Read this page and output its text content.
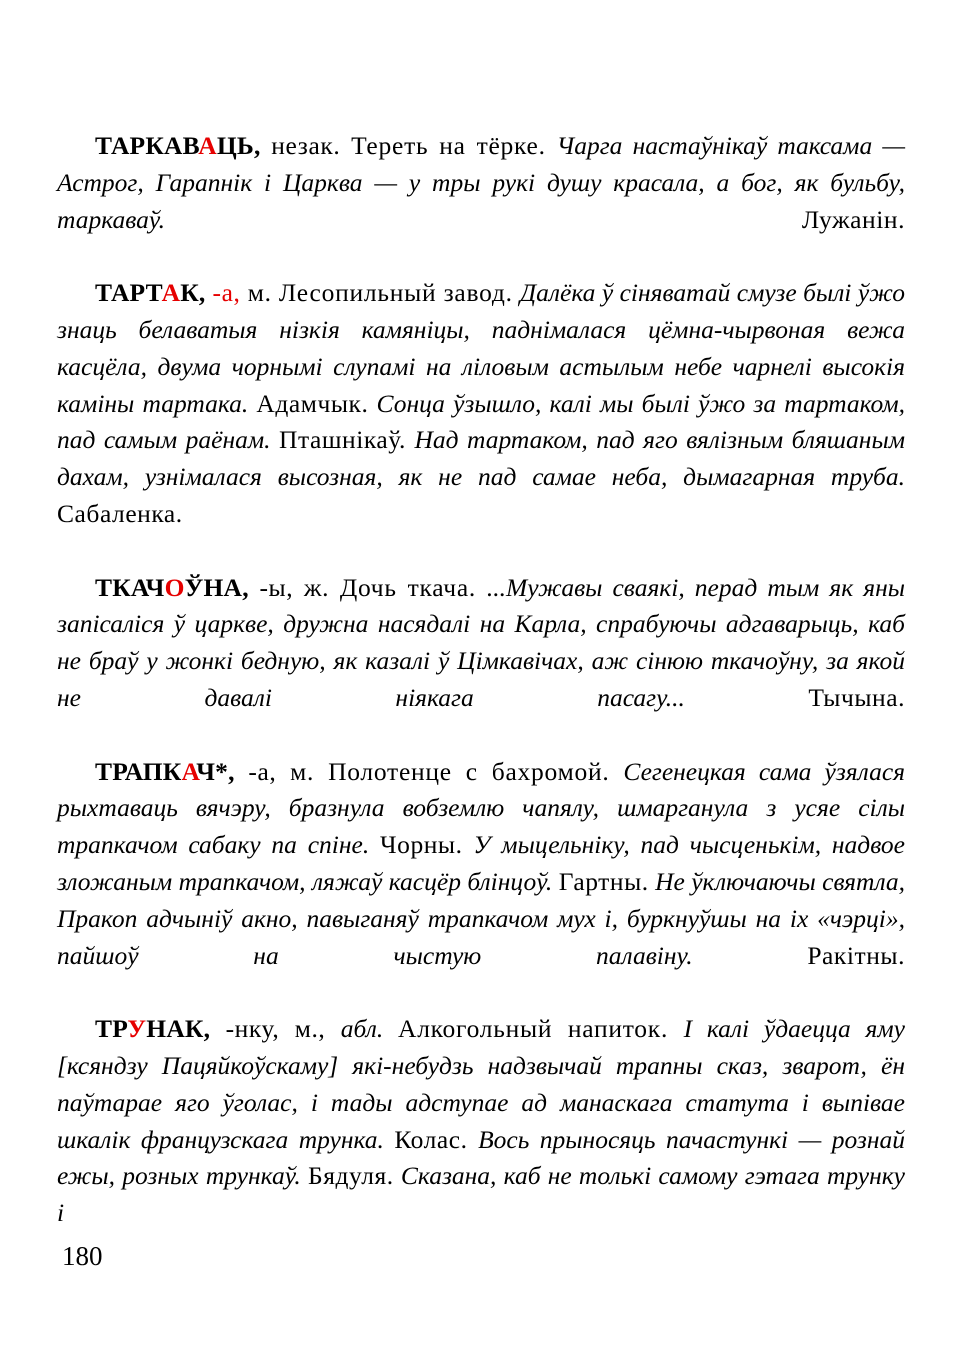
ТАРКАВАЦЬ, незак. Тереть на тёрке. Чарга настаўнікаў таксама — Астрог, Гарапнік і Царква — у тры рукі душу красала, а бог, як бульбу, таркаваў. Лужанін.

ТАРТАК, -а, м. Лесопильный завод. Далёка ў сіняватай смузе былі ўжо знаць белаватыя нізкія камяніцы, паднімалася цёмна-чырвоная вежа касцёла, двума чорнымі слупамі на ліловым астылым небе чарнелі высокія каміны тартака. Адамчык. Сонца ўзышло, калі мы былі ўжо за тартаком, пад самым раёнам. Пташнікаў. Над тартаком, пад яго вялізным бляшаным дахам, узнімалася высозная, як не пад самае неба, дымагарная труба. Сабаленка.

ТКАЧОЎНА, -ы, ж. Дочь ткача. ...Мужавы сваякі, перад тым як яны запісаліся ў царкве, дружна насядалі на Карла, спрабуючы адгаварыць, каб не браў у жонкі бедную, як казалі ў Цімкавічах, аж сінюю ткачоўну, за якой не давалі ніякага пасагу... Тычына.

ТРАПКАЧ*, -а, м. Полотенце с бахромой. Сегенецкая сама ўзялася рыхтаваць вячэру, бразнула вобземлю чапялу, шмарганула з усяе сілы трапкачом сабаку па спіне. Чорны. У мыцельніку, пад чысценькім, надвое зложаным трапкачом, ляжаў касцёр блінцоў. Гартны. Не ўключаючы святла, Пракоп адчыніў акно, павыганяў трапкачом мух і, буркнуўшы на іх «чэрці», пайшоў на чыстую палавіну. Ракітны.

ТРУНАК, -нку, м., абл. Алкогольный напиток. І калі ўдаецца яму [ксяндзу Пацяйкоўскаму] які-небудзь надзвычай трапны сказ, зварот, ён паўтарае яго ўголас, і тады адступае ад манаскага статута і выпівае шкалік французскага трунка. Колас. Вось прыносяць пачастункі — рознай ежы, розных трункаў. Бядуля. Сказана, каб не толькі самому гэтага трунку і

180
